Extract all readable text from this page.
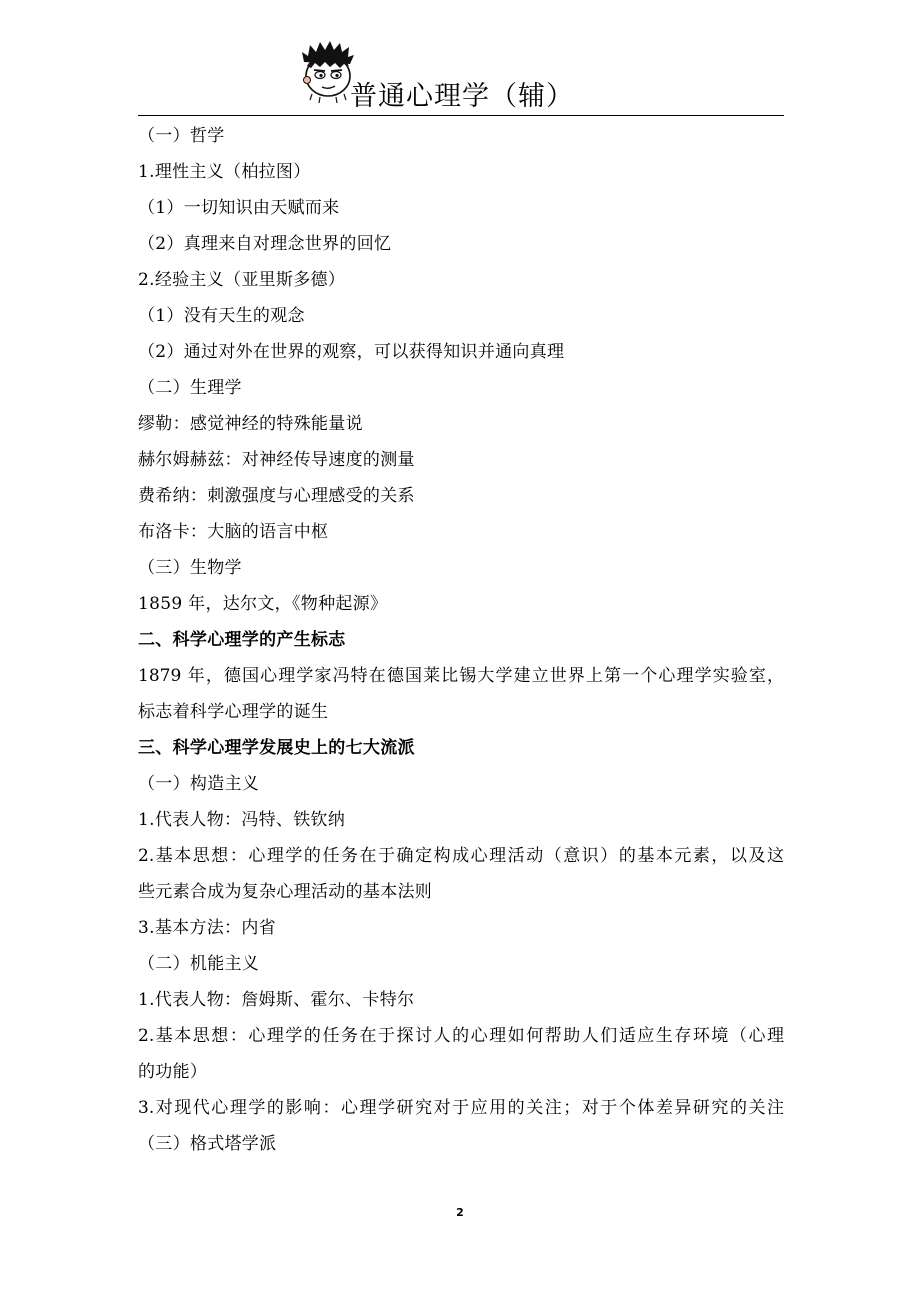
普通心理学（辅）
（一）哲学
1.理性主义（柏拉图）
（1）一切知识由天赋而来
（2）真理来自对理念世界的回忆
2.经验主义（亚里斯多德）
（1）没有天生的观念
（2）通过对外在世界的观察，可以获得知识并通向真理
（二）生理学
缪勒：感觉神经的特殊能量说
赫尔姆赫兹：对神经传导速度的测量
费希纳：刺激强度与心理感受的关系
布洛卡：大脑的语言中枢
（三）生物学
1859 年，达尔文，《物种起源》
二、科学心理学的产生标志
1879 年，德国心理学家冯特在德国莱比锡大学建立世界上第一个心理学实验室，
标志着科学心理学的诞生
三、科学心理学发展史上的七大流派
（一）构造主义
1.代表人物：冯特、铁钦纳
2.基本思想：心理学的任务在于确定构成心理活动（意识）的基本元素，以及这
些元素合成为复杂心理活动的基本法则
3.基本方法：内省
（二）机能主义
1.代表人物：詹姆斯、霍尔、卡特尔
2.基本思想：心理学的任务在于探讨人的心理如何帮助人们适应生存环境（心理
的功能）
3.对现代心理学的影响：心理学研究对于应用的关注；对于个体差异研究的关注
（三）格式塔学派
2
